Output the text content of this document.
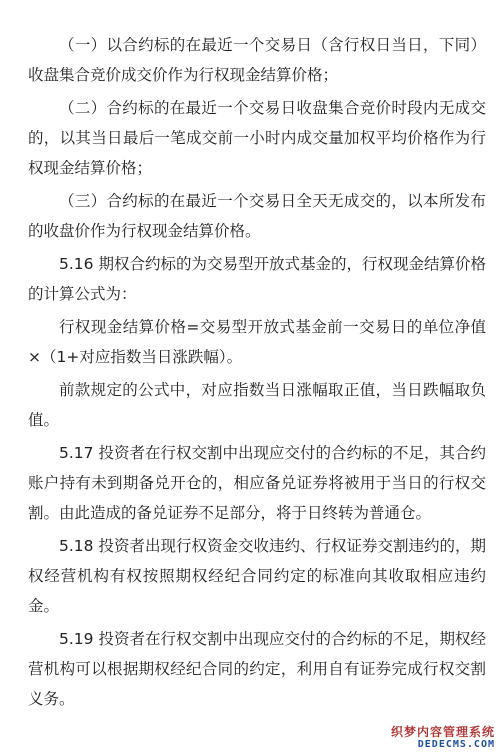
（一）以合约标的在最近一个交易日（含行权日当日，下同）收盘集合竞价成交价作为行权现金结算价格；

（二）合约标的在最近一个交易日收盘集合竞价时段内无成交的，以其当日最后一笔成交前一小时内成交量加权平均价格作为行权现金结算价格；

（三）合约标的在最近一个交易日全天无成交的，以本所发布的收盘价作为行权现金结算价格。

5.16 期权合约标的为交易型开放式基金的，行权现金结算价格的计算公式为：

行权现金结算价格=交易型开放式基金前一交易日的单位净值×（1+对应指数当日涨跌幅）。

前款规定的公式中，对应指数当日涨幅取正值，当日跌幅取负值。

5.17 投资者在行权交割中出现应交付的合约标的不足，其合约账户持有未到期备兑开仓的，相应备兑证券将被用于当日的行权交割。由此造成的备兑证券不足部分，将于日终转为普通仓。

5.18 投资者出现行权资金交收违约、行权证券交割违约的，期权经营机构有权按照期权经纪合同约定的标准向其收取相应违约金。

5.19 投资者在行权交割中出现应交付的合约标的不足，期权经营机构可以根据期权经纪合同的约定，利用自有证券完成行权交割义务。

织梦内容管理系统
DEDECMS.COM
